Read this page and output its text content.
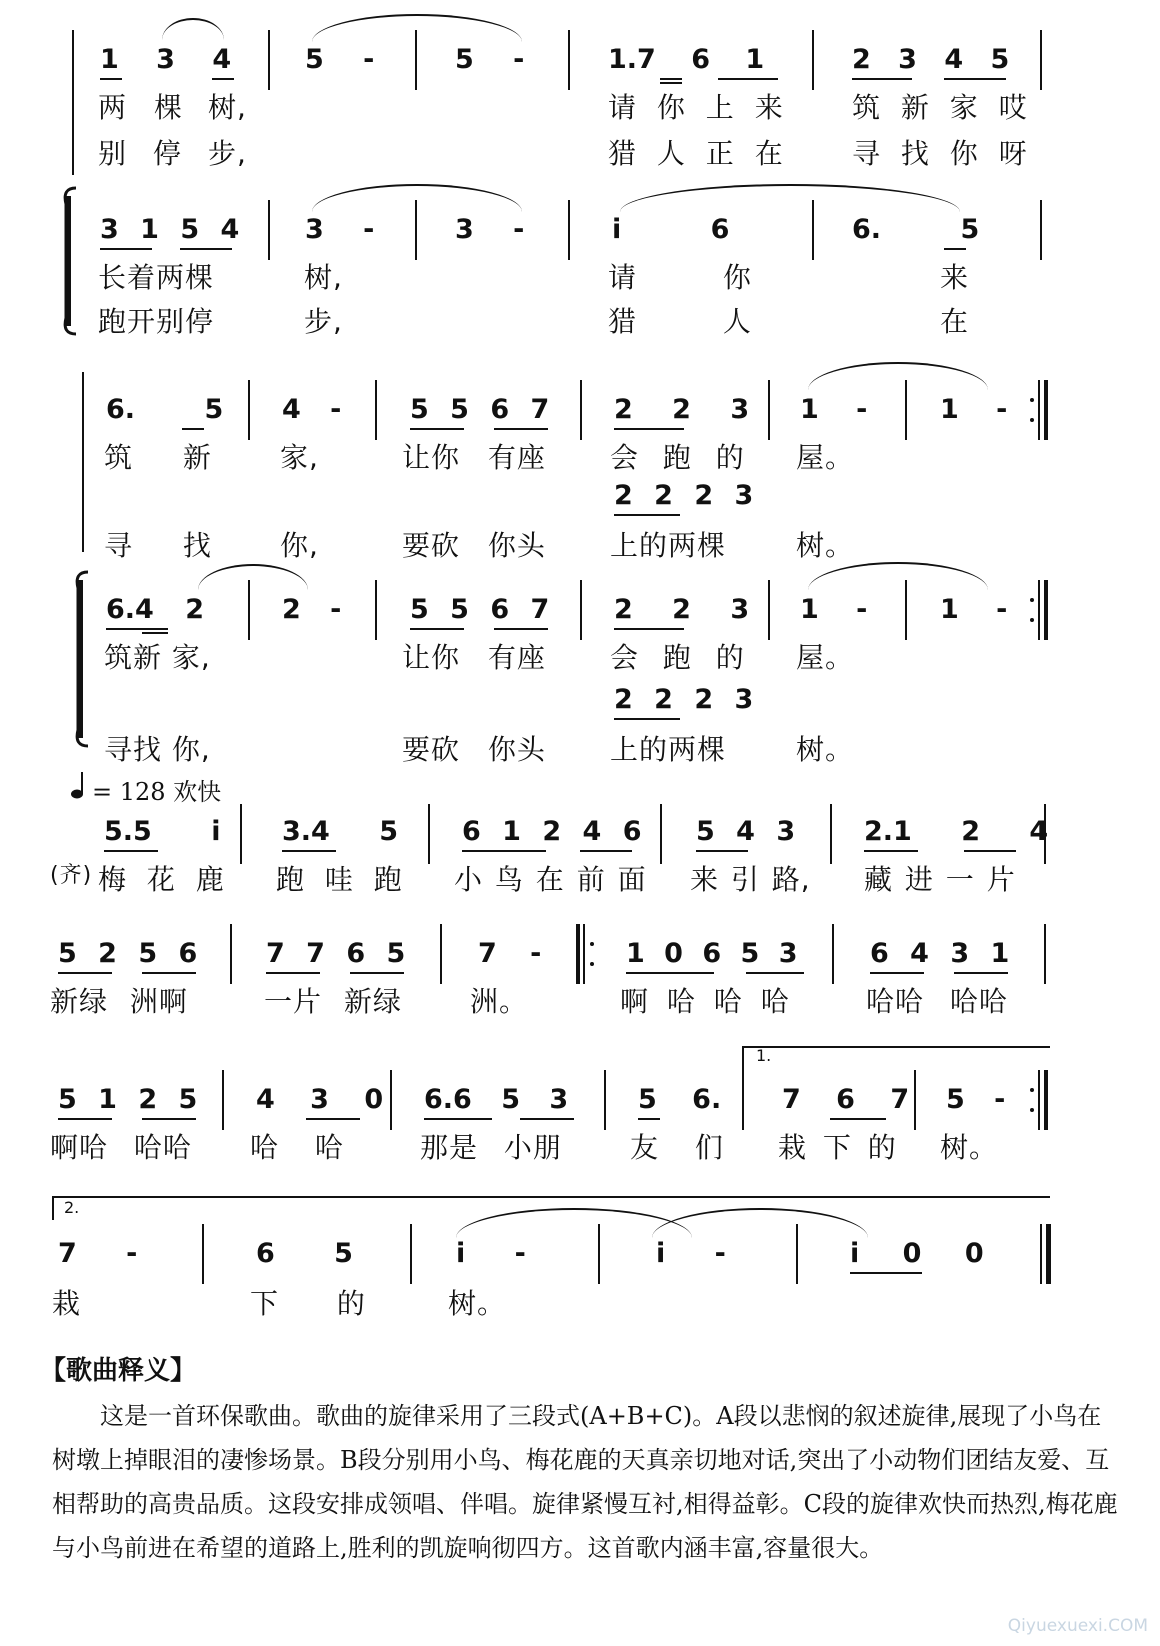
1 3 4	5 -	5 -	1.7 6 1	2 3 4 5
两 棵 树,	请 你 上 来 筑 新 家 哎
别 停 步,	猎 人 正 在 寻 找 你 呀
3 1 5 4 3 -	3 -	i 6	6. 5
长着两棵	树,	请 你	来
跑开别停	步,	猎 人	在
6. 5 4 -	5 5 6 7 2 2 3 1 -	1 -
筑 新 家,	让你 有座 会 跑 的 屋。
2 2 2 3
寻 找 你,	要砍 你头 上的两棵 树。
6.4 2	2 -	5 5 6 7 2 2 3 1 -	1 -
筑新 家,	让你 有座 会 跑 的 屋。
2 2 2 3
寻找 你,	要砍 你头 上的两棵 树。
= 128 欢快
5.5 i 3.4 5 6 1 2 4 6 5 4 3	2.1 2 4
(齐) 梅 花 鹿 跑 哇 跑 小 鸟 在 前 面 来 引 路, 藏 进 一 片
5 2 5 6	7 7 6 5	7 -	1 0 6 5 3	6 4 3 1
新绿 洲啊	一片 新绿 洲。	啊 哈 哈 哈	哈哈 哈哈
1.
5 1 2 5 4 3 0 6.6 5 3	5 6. 7 6 7 5 -
啊哈 哈哈 哈 哈	那是 小朋 友 们 栽 下 的 树。
2.
7 -	6 5	i -	i -	i 0 0
栽	下 的	树。
【歌曲释义】
这是一首环保歌曲。歌曲的旋律采用了三段式(A+B+C)。A段以悲悯的叙述旋律,展现了小鸟在树墩上掉眼泪的凄惨场景。B段分别用小鸟、梅花鹿的天真亲切地对话,突出了小动物们团结友爱、互相帮助的高贵品质。这段安排成领唱、伴唱。旋律紧慢互衬,相得益彰。C段的旋律欢快而热烈,梅花鹿与小鸟前进在希望的道路上,胜利的凯旋响彻四方。这首歌内涵丰富,容量很大。
Qiyuexuexi.COM
